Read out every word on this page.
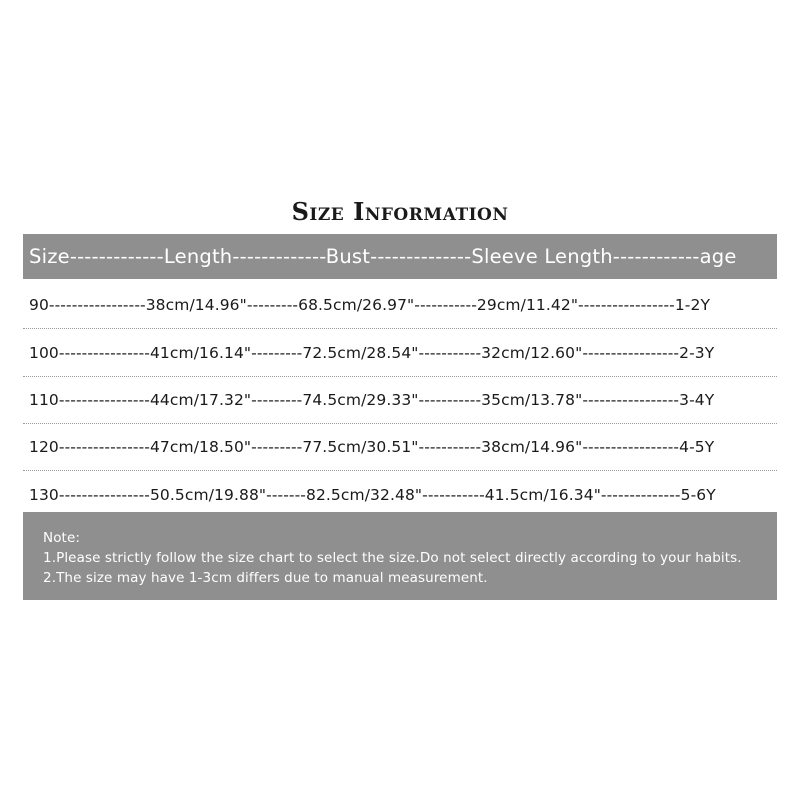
Size Information
Size-------------Length-------------Bust--------------Sleeve Length------------age
90-----------------38cm/14.96"---------68.5cm/26.97"-----------29cm/11.42"-----------------1-2Y
100----------------41cm/16.14"---------72.5cm/28.54"-----------32cm/12.60"-----------------2-3Y
110----------------44cm/17.32"---------74.5cm/29.33"-----------35cm/13.78"-----------------3-4Y
120----------------47cm/18.50"---------77.5cm/30.51"-----------38cm/14.96"-----------------4-5Y
130----------------50.5cm/19.88"-------82.5cm/32.48"-----------41.5cm/16.34"--------------5-6Y
Note:
1.Please strictly follow the size chart to select the size.Do not select directly according to your habits.
2.The size may have 1-3cm differs due to manual measurement.
